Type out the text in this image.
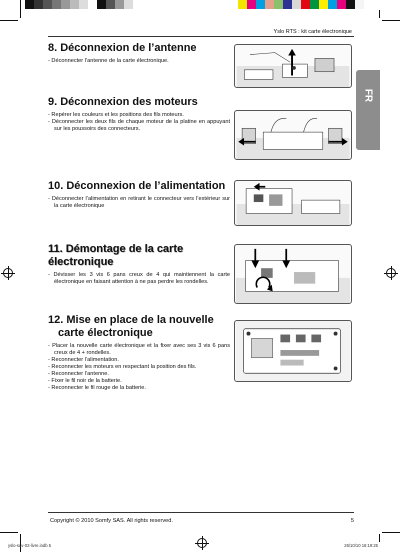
Yslo RTS : kit carte électronique
FR
8. Déconnexion de l’antenne
- Déconnecter l’antenne de la carte électronique.
9. Déconnexion des moteurs
- Repérer les couleurs et les positions des fils moteurs.
- Déconnecter les deux fils de chaque moteur de la platine en appuyant sur les poussoirs des connecteurs.
10. Déconnexion de l’alimentation
- Déconnecter l’alimentation en retirant le connecteur vers l’extérieur sur la carte électronique
11. Démontage de la carte électronique
- Dévisser les 3 vis 6 pans creux de 4 qui maintiennent la carte électronique en faisant attention à ne pas perdre les rondelles.
12. Mise en place de la nouvelle
carte électronique
- Placer la nouvelle carte électronique et la fixer avec ses 3 vis 6 pans creux de 4 + rondelles.
- Reconnecter l’alimentation.
- Reconnecter les moteurs en respectant la position des fils.
- Reconnecter l’antenne.
- Fixer le fil noir de la batterie.
- Reconnecter le fil rouge de la batterie.
Copyright © 2010 Somfy SAS. All rights reserved.	5
yslo-sav-02-livre.indb 5	26/10/10 16:19:25
